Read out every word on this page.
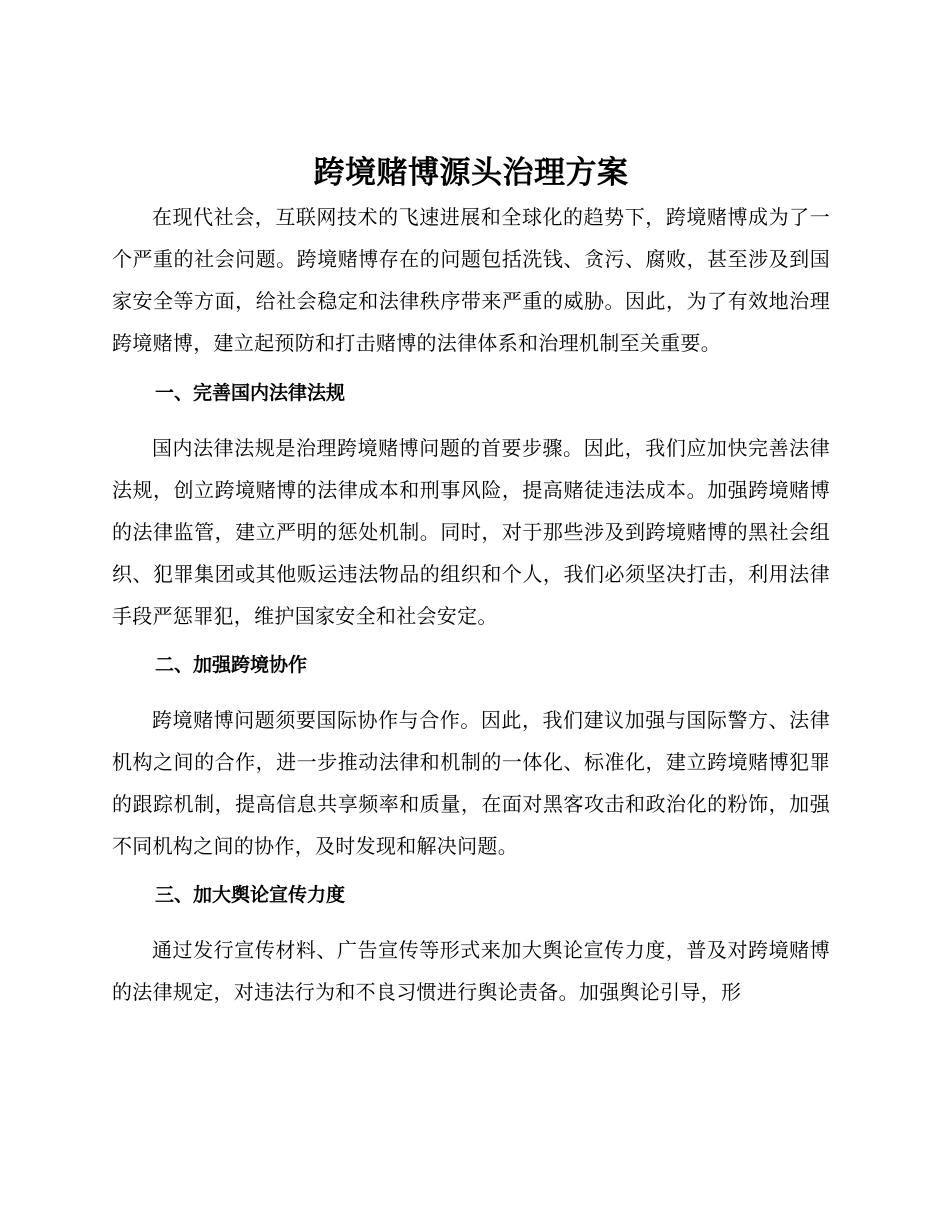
跨境赌博源头治理方案

在现代社会，互联网技术的飞速进展和全球化的趋势下，跨境赌博成为了一个严重的社会问题。跨境赌博存在的问题包括洗钱、贪污、腐败，甚至涉及到国家安全等方面，给社会稳定和法律秩序带来严重的威胁。因此，为了有效地治理跨境赌博，建立起预防和打击赌博的法律体系和治理机制至关重要。

一、完善国内法律法规

国内法律法规是治理跨境赌博问题的首要步骤。因此，我们应加快完善法律法规，创立跨境赌博的法律成本和刑事风险，提高赌徒违法成本。加强跨境赌博的法律监管，建立严明的惩处机制。同时，对于那些涉及到跨境赌博的黑社会组织、犯罪集团或其他贩运违法物品的组织和个人，我们必须坚决打击，利用法律手段严惩罪犯，维护国家安全和社会安定。

二、加强跨境协作

跨境赌博问题须要国际协作与合作。因此，我们建议加强与国际警方、法律机构之间的合作，进一步推动法律和机制的一体化、标准化，建立跨境赌博犯罪的跟踪机制，提高信息共享频率和质量，在面对黑客攻击和政治化的粉饰，加强不同机构之间的协作，及时发现和解决问题。

三、加大舆论宣传力度

通过发行宣传材料、广告宣传等形式来加大舆论宣传力度，普及对跨境赌博的法律规定，对违法行为和不良习惯进行舆论责备。加强舆论引导，形
